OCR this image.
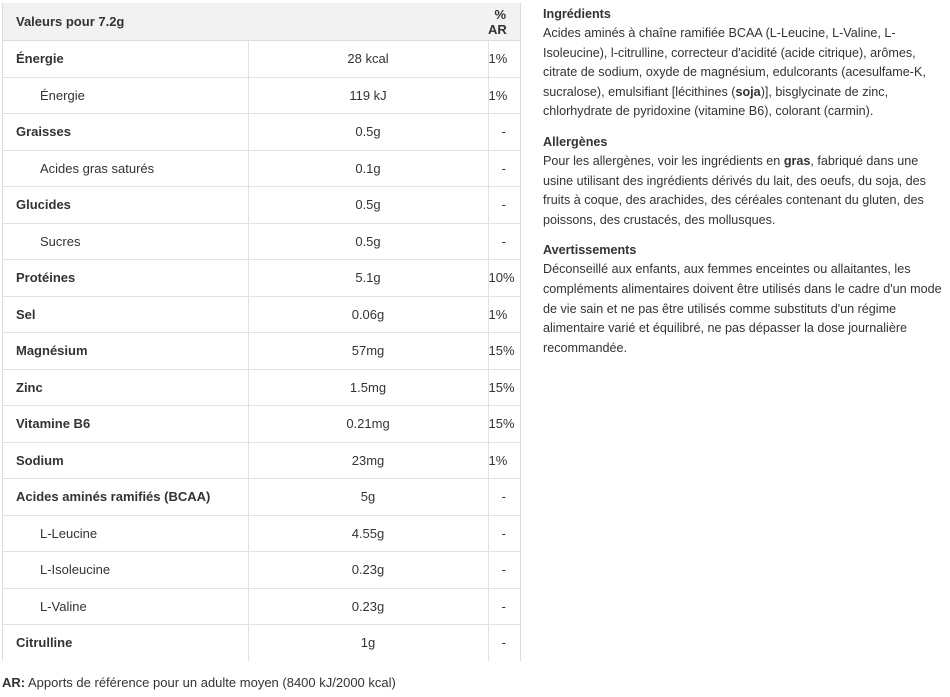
Valeurs pour 7.2g		% AR
Énergie	28 kcal	1%
Énergie	119 kJ	1%
Graisses	0.5g	-
Acides gras saturés	0.1g	-
Glucides	0.5g	-
Sucres	0.5g	-
Protéines	5.1g	10%
Sel	0.06g	1%
Magnésium	57mg	15%
Zinc	1.5mg	15%
Vitamine B6	0.21mg	15%
Sodium	23mg	1%
Acides aminés ramifiés (BCAA)	5g	-
L-Leucine	4.55g	-
L-Isoleucine	0.23g	-
L-Valine	0.23g	-
Citrulline	1g	-
AR: Apports de référence pour un adulte moyen (8400 kJ/2000 kcal)
Ingrédients

Acides aminés à chaîne ramifiée BCAA (L-Leucine, L-Valine, L-Isoleucine), l-citrulline, correcteur d'acidité (acide citrique), arômes, citrate de sodium, oxyde de magnésium, edulcorants (acesulfame-K, sucralose), emulsifiant [lécithines (soja)], bisglycinate de zinc, chlorhydrate de pyridoxine (vitamine B6), colorant (carmin).

Allergènes

Pour les allergènes, voir les ingrédients en gras, fabriqué dans une usine utilisant des ingrédients dérivés du lait, des oeufs, du soja, des fruits à coque, des arachides, des céréales contenant du gluten, des poissons, des crustacés, des mollusques.

Avertissements

Déconseillé aux enfants, aux femmes enceintes ou allaitantes, les compléments alimentaires doivent être utilisés dans le cadre d'un mode de vie sain et ne pas être utilisés comme substituts d'un régime alimentaire varié et équilibré, ne pas dépasser la dose journalière recommandée.
